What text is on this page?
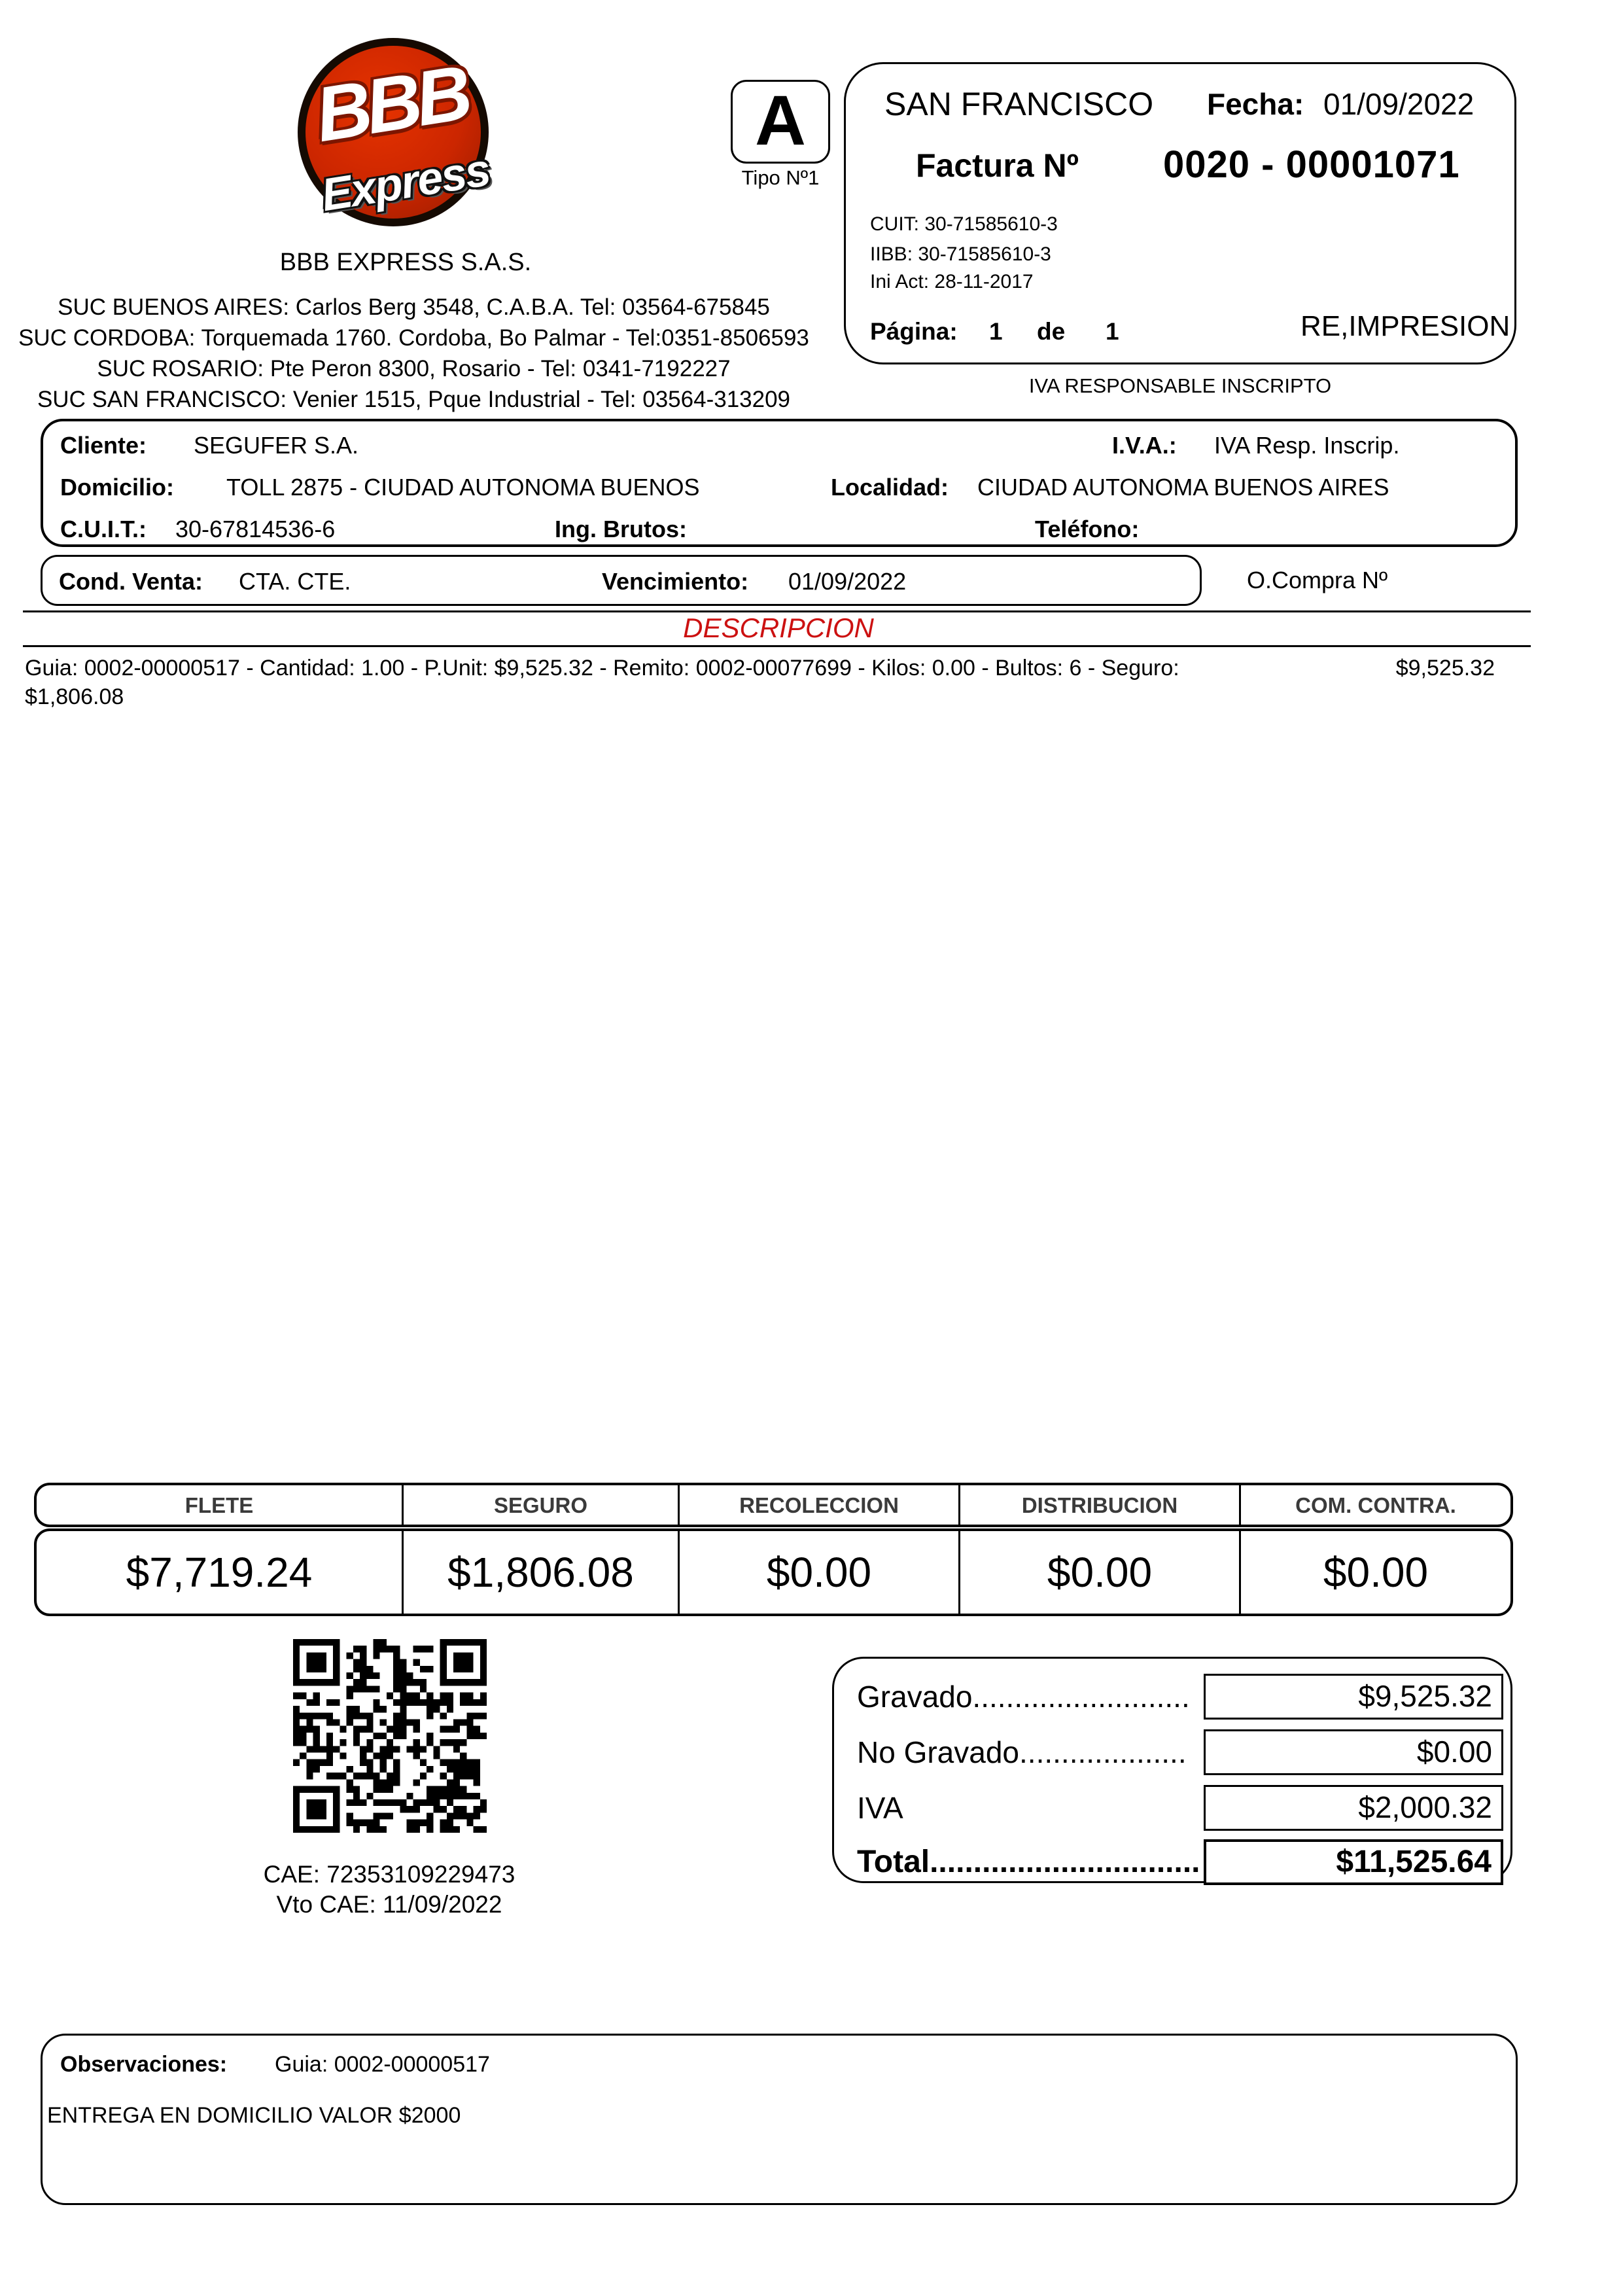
BBB
Express
A
Tipo Nº1
SAN FRANCISCO Fecha: 01/09/2022
Factura Nº 0020 - 00001071
CUIT: 30-71585610-3
IIBB: 30-71585610-3
Ini Act: 28-11-2017
Página: 1 de 1	RE,IMPRESION
IVA RESPONSABLE INSCRIPTO
BBB EXPRESS S.A.S.
SUC BUENOS AIRES: Carlos Berg 3548, C.A.B.A. Tel: 03564-675845
SUC CORDOBA: Torquemada 1760. Cordoba, Bo Palmar - Tel:0351-8506593
SUC ROSARIO: Pte Peron 8300, Rosario - Tel: 0341-7192227
SUC SAN FRANCISCO: Venier 1515, Pque Industrial - Tel: 03564-313209
Cliente: SEGUFER S.A.	I.V.A.: IVA Resp. Inscrip.
Domicilio: TOLL 2875 - CIUDAD AUTONOMA BUENOS	Localidad: CIUDAD AUTONOMA BUENOS AIRES
C.U.I.T.: 30-67814536-6	Ing. Brutos:	Teléfono:
Cond. Venta: CTA. CTE.	Vencimiento: 01/09/2022	O.Compra Nº
DESCRIPCION
Guia: 0002-00000517 - Cantidad: 1.00 - P.Unit: $9,525.32 - Remito: 0002-00077699 - Kilos: 0.00 - Bultos: 6 - Seguro:	$9,525.32
$1,806.08
FLETE	SEGURO	RECOLECCION	DISTRIBUCION	COM. CONTRA.
$7,719.24	$1,806.08	$0.00	$0.00	$0.00
CAE: 72353109229473
Vto CAE: 11/09/2022
Gravado..........................	$9,525.32
No Gravado....................	$0.00
IVA	$2,000.32
Total...............................	$11,525.64
Observaciones: Guia: 0002-00000517
ENTREGA EN DOMICILIO VALOR $2000
